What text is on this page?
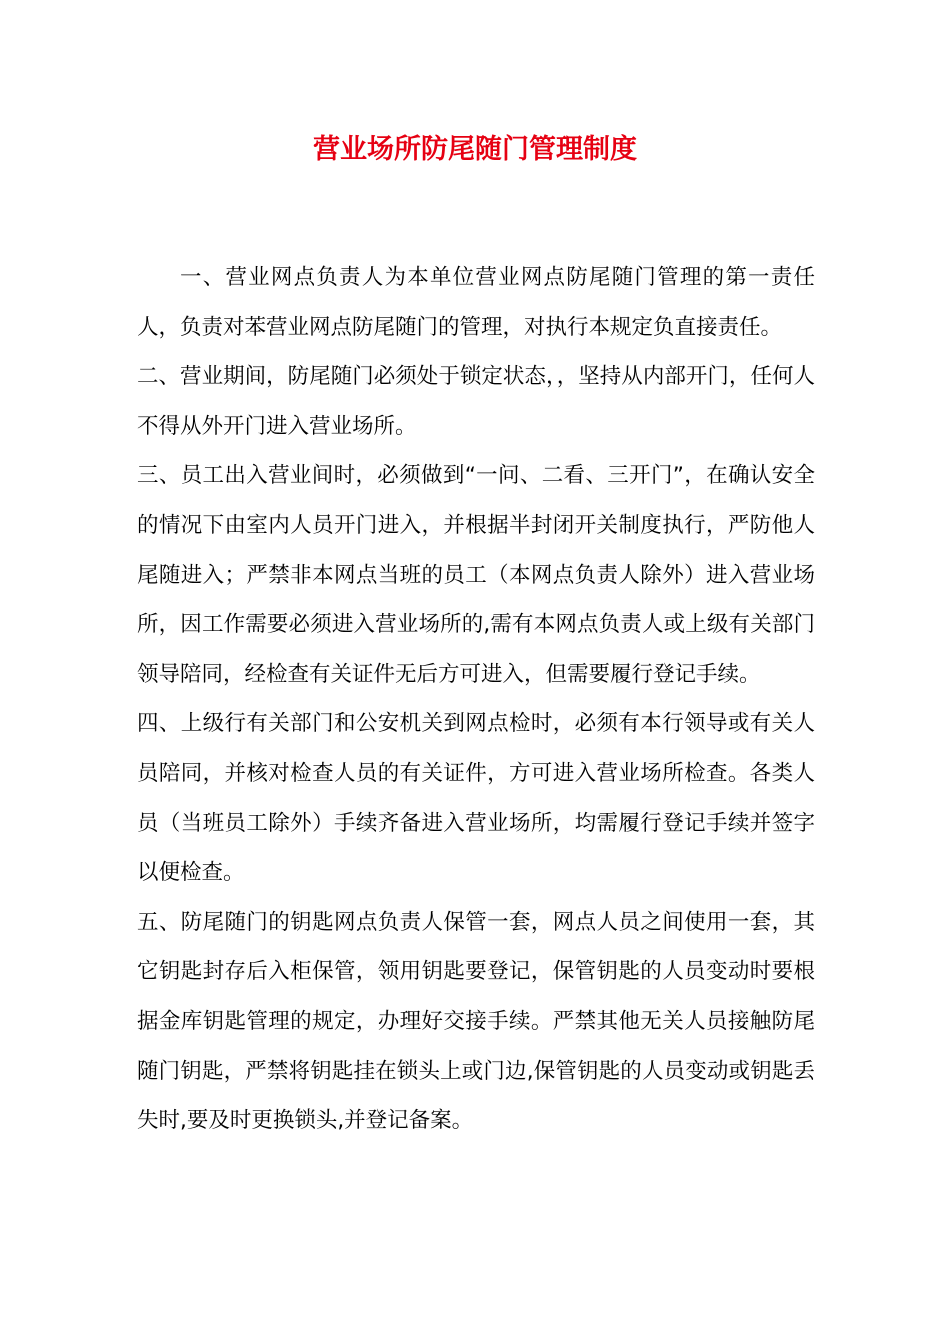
营业场所防尾随门管理制度

一、营业网点负责人为本单位营业网点防尾随门管理的第一责任人，负责对苯营业网点防尾随门的管理，对执行本规定负直接责任。

二、营业期间，防尾随门必须处于锁定状态，，坚持从内部开门，任何人不得从外开门进入营业场所。

三、员工出入营业间时，必须做到“一问、二看、三开门”，在确认安全的情况下由室内人员开门进入，并根据半封闭开关制度执行，严防他人尾随进入；严禁非本网点当班的员工（本网点负责人除外）进入营业场所，因工作需要必须进入营业场所的,需有本网点负责人或上级有关部门领导陪同，经检查有关证件无后方可进入，但需要履行登记手续。

四、上级行有关部门和公安机关到网点检时，必须有本行领导或有关人员陪同，并核对检查人员的有关证件，方可进入营业场所检查。各类人员（当班员工除外）手续齐备进入营业场所，均需履行登记手续并签字以便检查。

五、防尾随门的钥匙网点负责人保管一套，网点人员之间使用一套，其它钥匙封存后入柜保管，领用钥匙要登记，保管钥匙的人员变动时要根据金库钥匙管理的规定，办理好交接手续。严禁其他无关人员接触防尾随门钥匙，严禁将钥匙挂在锁头上或门边,保管钥匙的人员变动或钥匙丢失时,要及时更换锁头,并登记备案。
